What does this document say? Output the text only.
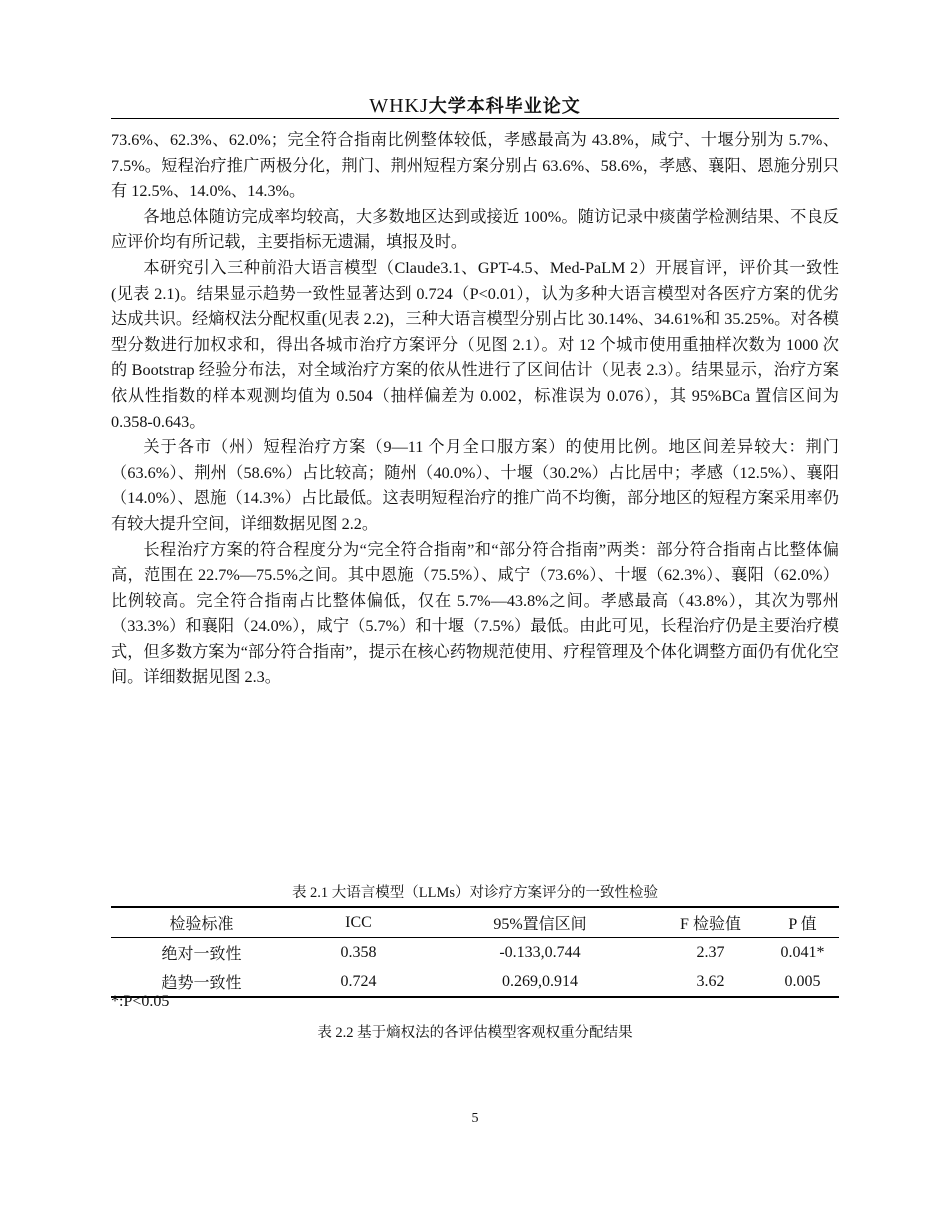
WHKJ大学本科毕业论文

73.6%、62.3%、62.0%；完全符合指南比例整体较低，孝感最高为 43.8%，咸宁、十堰分别为 5.7%、7.5%。短程治疗推广两极分化，荆门、荆州短程方案分别占 63.6%、58.6%，孝感、襄阳、恩施分别只有 12.5%、14.0%、14.3%。

各地总体随访完成率均较高，大多数地区达到或接近 100%。随访记录中痰菌学检测结果、不良反应评价均有所记载，主要指标无遗漏，填报及时。

本研究引入三种前沿大语言模型（Claude3.1、GPT-4.5、Med-PaLM 2）开展盲评，评价其一致性(见表 2.1)。结果显示趋势一致性显著达到 0.724（P<0.01），认为多种大语言模型对各医疗方案的优劣达成共识。经熵权法分配权重(见表 2.2)，三种大语言模型分别占比 30.14%、34.61%和 35.25%。对各模型分数进行加权求和，得出各城市治疗方案评分（见图 2.1）。对 12 个城市使用重抽样次数为 1000 次的 Bootstrap 经验分布法，对全域治疗方案的依从性进行了区间估计（见表 2.3）。结果显示，治疗方案依从性指数的样本观测均值为 0.504（抽样偏差为 0.002，标准误为 0.076），其 95%BCa 置信区间为 0.358-0.643。

关于各市（州）短程治疗方案（9—11 个月全口服方案）的使用比例。地区间差异较大：荆门（63.6%）、荆州（58.6%）占比较高；随州（40.0%）、十堰（30.2%）占比居中；孝感（12.5%）、襄阳（14.0%）、恩施（14.3%）占比最低。这表明短程治疗的推广尚不均衡，部分地区的短程方案采用率仍有较大提升空间，详细数据见图 2.2。

长程治疗方案的符合程度分为“完全符合指南”和“部分符合指南”两类：部分符合指南占比整体偏高，范围在 22.7%—75.5%之间。其中恩施（75.5%）、咸宁（73.6%）、十堰（62.3%）、襄阳（62.0%）比例较高。完全符合指南占比整体偏低，仅在 5.7%—43.8%之间。孝感最高（43.8%），其次为鄂州（33.3%）和襄阳（24.0%），咸宁（5.7%）和十堰（7.5%）最低。由此可见，长程治疗仍是主要治疗模式，但多数方案为“部分符合指南”，提示在核心药物规范使用、疗程管理及个体化调整方面仍有优化空间。详细数据见图 2.3。

表 2.1 大语言模型（LLMs）对诊疗方案评分的一致性检验
检验标准	ICC	95%置信区间	F 检验值	P 值
绝对一致性	0.358	-0.133,0.744	2.37	0.041*
趋势一致性	0.724	0.269,0.914	3.62	0.005
*:P<0.05
表 2.2 基于熵权法的各评估模型客观权重分配结果
5
